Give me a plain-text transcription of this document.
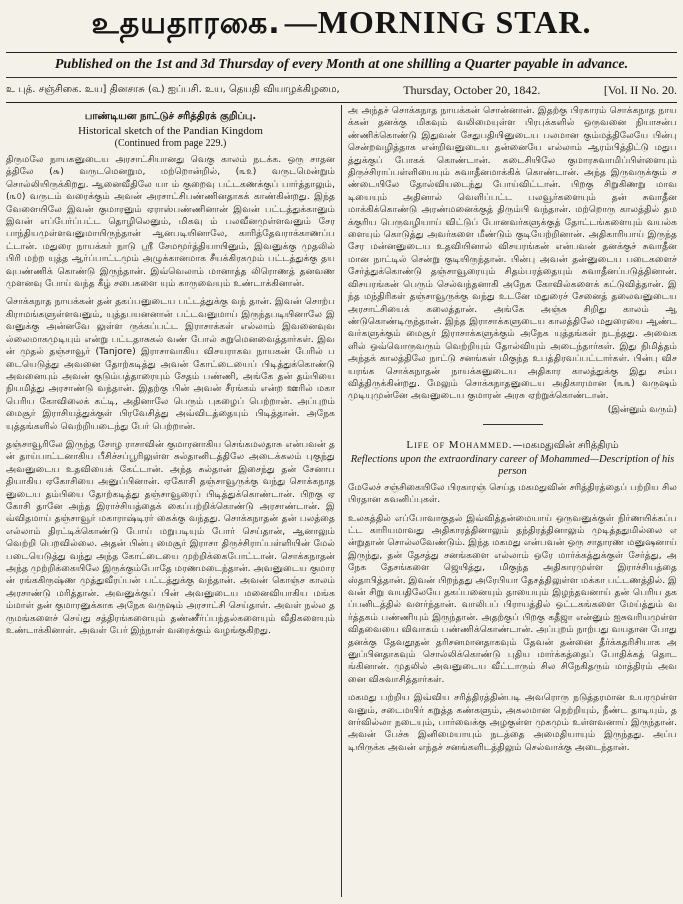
உதயதாரகை. —MORNING STAR.
Published on the 1st and 3d Thursday of every Month at one shilling a Quarter payable in advance.
உ புத். சஞ்சிகை. உய] தினசாசு (௳) ஐப்பசி. உய, தெயதி வியாழக்கிழமை,	Thursday, October 20, 1842.	[Vol. II No. 20.
பாண்டியன நாட்டுச் சரித்திரக் குறிப்பு.
Historical sketch of the Pandian Kingdom
(Continued from page 229.)

திருமலே நாயகனுடைய அரசாட்சியானது வெகு காலம் நடக்க. ஒரு சாதனத்திலே (௬) வருடமெனறும, மற்றொன்றில், (௩௨) வருடமென்றும் சொல்லியிருக்கிறது. ஆனைவீதிலே யா ம் குறைவு பட்டகணக்குப் பார்த்தாலும், (௩௦) வருடம் வரைக்கும் அவன் அரசாட்சிபண்ணினதாகக் காண்கின்றது. இந்த வேளையிலே இவன் குமாரனும் ஏராஸ்பண்ணினான் இவன் பட்டத்துக்கானும் இவன் எப்பேர்ப்பட்ட தொழிலெனும், மிகவு ம் பலவீனமுள்ளவனும் சேரபாந்தியமுள்ளவனுமாயிருந்தான் ஆனபடியினாலே, காரித்தேவராக்காணப்பட்டான். மதுரை நாயக்கர் நாடு ஸ்ரீ சேமமூர்த்தியாயினும், இவனுக்கு முதலில் பிரி மற்ற யுத்த ஆர்ப்பாட்டமும் அழுக்கானமாக சீயக்கிரகமும் பட்டத்துக்கு தயவுபண்ணிக் கொண்டு இருந்தான். இவ்வெலாம் மானாத்த லிரொணத் தனவண முளனவு போய் வந்த கீழ் சபைகளை யும் காருவையும் உண்டாக்கினான்.

சொக்கநாத நாயக்கன் தன் தகப்பனுடைய பட்டத்துக்கு வந் தான். இவன் சொற்ப கிராமங்களுள்ளவனும், யுத்தபயனனான் பட்டவனுமாய் இருந்தபடியினாலே இவனுக்கு அன்னவே லுள்ள ருக்கப்பட்ட இராசாக்கள் எல்லாம் இவனைவுவல்லைமாகமுடியும் என்று பட்டதாசுகல் வண் போல் சுறுமெனவைத்தார்கள். இவன் முதல் தஞ்சாவூர் (Tanjore) இராசாவாகிய விசயராகவ நாயகன் பேரில் படையெடுத்து அவனை தோற்கடித்து அவன் கோட்டையைப் பிடித்துக்கொண்டு அவனையும் அவன் குடும்பத்தாரையும் சேதம் பண்ணி, அங்கே தன் தம்பியை நியமித்து அரசாண்டு வந்தான். இதற்கு பின் அவன் சீரங்கம் என்ற ஊரில் மகா பெரிய கோவிலைக் கட்டி, அதினாலே பெரும் புகழைப் பெற்றான். அப்புறம் மைசூர் இராசியத்துக்குள் பிரவேசித்து அவ்விடத்தையும் பிடித்தான். அநேக யுத்தங்களில் வெற்றியடைந்து பேர் பெற்றான்.

தஞ்சாவூரிலே இருந்த சோழ ராசாவின் குமாரனாகிய செங்கமலதாசு என்பவன் தன் தாய்பாட்டனாகிய பீசிச்சப்பூரிலுள்ள சுல்தானிடத்திலே அடைக்கலம் புகுந்து அவனுடைய உதவியைக் கேட்டான். அந்த சுல்தான் இசைந்து தன் சேனாபதியாகிய ஏகோசியை அனுப்பினான். ஏகோசி தஞ்சாவூருக்கு வந்து சொக்கநாதனுடைய தம்பியை தோற்கடித்து தஞ்சாவூரைப் பிடித்துக்கொண்டான். பிறகு ஏகோசி தானே அந்த இராச்சியத்தைக் கைப்பற்றிக்கொண்டு அரசாண்டான். இவ்விதமாய் தஞ்சாவூர் மகாராஷ்டிரர் கைக்கு வந்தது. சொக்கநாதன் தன் பலத்தை எல்லாம் திரட்டிக்கொண்டு போய் மறுபடியும் போர் செய்தான், ஆனாலும் வெற்றி பெறவில்லை. அதன் பின்பு மைசூர் இராசா திருச்சிராப்பள்ளியின் மேல் படையெடுத்து வந்து அந்த கோட்டையை முற்றிக்கைபோட்டான். சொக்கநாதன் அந்த முற்றிக்கையிலே இருக்கும்போதே மரணமடைந்தான். அவனுடைய குமாரன் ரங்ககிருஷ்ண முத்துவீரப்பன் பட்டத்துக்கு வந்தான். அவன் கொஞ்ச காலம் அரசாண்டு மரித்தான். அவனுக்குப் பின் அவனுடைய மனைவியாகிய மங்கம்மாள் தன் குமாரனுக்காக அநேக வருஷம் அரசாட்சி செய்தாள். அவள் நல்ல தருமங்களைச் செய்து சத்திரங்களையும் தண்ணீர்ப்பந்தல்களையும் வீதிகளையும் உண்டாக்கினாள். அவள் பேர் இந்நாள் வரைக்கும் வழங்குகிறது.

அ அந்தச் சொக்கநாத நாயக்கன் சொன்னான். இதற்கு பிரகாரம் சொக்கநாத நாயக்கன் தனக்கு மிகவும் வலிமையுள்ள பிரபுக்களில் ஒருவனை நியாசன்பண்ணிக்கொண்டு இதுவன் சேதுபதியினுடைய பலமான கும்மத்திலேயே பின்பு சென்றவழித்தாக என்றிவனுடைய தன்னையே எல்லாம் ஆரம்பித்திட்டு மதுபத்துக்குப் போகக் கொண்டான். கடைசியிலே குமாரசுவாமிப்பிள்ளையும் திருச்சிராப்பள்ளியையும் சுவாதீனமாக்கிக் கொண்டான். அந்த இருவருக்கும் சண்டையிலே தோல்வியடைந்து போய்விட்டான். பிறகு சிறுகிணறு மாவடியையும் அதினால் வெளிப்பட்ட பலவூர்களையும் தன் சுவாதீனமாக்கிக்கொண்டு அரண்மனைக்குத் திரும்பி வந்தான். மற்றொரு காலத்தில் தமக்குரிய பெருவழியாய் விட்டுப் போனவர்களுக்குத் தோட்டங்களையும் வயல்களையும் கொடுத்து அவர்களை மீண்டும் குடியேற்றினான். அதிகாரியாய் இருந்த சேர மன்னனுடைய உதவியினால் விசயரங்கன் என்பவன் தனக்குச் சுவாதீனமான நாட்டில் சென்று குடியிருந்தான். பின்பு அவன் தன்னுடைய படைகளைச் சேர்த்துக்கொண்டு தஞ்சாவூரையும் சிதம்பரத்தையும் சுவாதீனப்படுத்தினான். விசயரங்கன் பெரும் செல்வந்தனாகி அநேக கோவில்களைக் கட்டுவித்தான். இந்த மந்திரிகள் தஞ்சாவூருக்கு வந்து உடனே மதுரைச் சேனைத் தலைவனுடைய அரசாட்சியைக் கலைத்தான். அங்கே அஞ்சு சிறிது காலம் ஆண்டுகொண்டிருந்தான். இந்த இராசாக்களுடைய காலத்திலே மதுரையை ஆண்டவர்களுக்கும் மைசூர் இராசாக்களுக்கும் அநேக யுத்தங்கள் நடந்தது. அவைகளில் ஒவ்வொருவரும் வெற்றியும் தோல்வியும் அடைந்தார்கள். இது நிமித்தம் அந்தக் காலத்திலே நாட்டு சனங்கள் மிகுந்த உபத்திரவப்பட்டார்கள். பின்பு விசயரங்க சொக்கநாதன் நாயக்கனுடைய அதிகார காலத்துக்கு இது சம்பவித்திருக்கின்றது. மேலும் சொக்கநாதனுடைய அதிகாரமான (௩௩) வருஷம் முடியுமுன்னே அவனுடைய குமாரன் அரசு ஏற்றுக்கொண்டான்.

(இன்னும் வரும்)
Life of Mohammed.—மகமதுவின் சரித்திரம்
Reflections upon the extraordinary career of Mohammed—Description of his person

மேலேச் சஞ்சிகையிலே பிரகாரஞ் செய்த மகமதுவின் சரித்திரத்தைப் பற்றிய சில பிரதான கவனிப்புகள்.

உலகத்தில் எப்போவாகுதல் இவ்வித்தன்மையாய் ஒருவனுக்குள் நிர்ணயிக்கப்பட்ட காரியமாவது அதிகாரத்தினாலும் தந்திரத்தினாலும் முடித்ததுமில்லை என்றுதான் சொல்லவேண்டும். இந்த மகமது என்பவன் ஒரு சாதாரண மனுஷனாய் இருந்து, தன் தேசத்து சனங்களை எல்லாம் ஒரே மார்க்கத்துக்குள் சேர்த்து, அநேக தேசங்களை ஜெயித்து, மிகுந்த அதிகாரமுள்ள இராச்சியத்தை ஸ்தாபித்தான். இவன் பிறந்தது அரேபியா தேசத்திலுள்ள மக்கா பட்டணத்தில். இவன் சிறு வயதிலேயே தகப்பனையும் தாயையும் இழந்தவனாய் தன் பெரிய தகப்பனிடத்தில் வளர்ந்தான். வாலிபப் பிராயத்தில் ஒட்டகங்களை மேய்த்தும் வர்த்தகம் பண்ணியும் இருந்தான். அதற்குப் பிறகு கதீஜா என்னும் ஐசுவரியமுள்ள விதவையை விவாகம் பண்ணிக்கொண்டான். அப்புறம் நாற்பது வயதான போது தனக்கு தேவதூதன் தரிசனமானதாகவும் தேவன் தன்னை தீர்க்கதரிசியாக அனுப்பினதாகவும் சொல்லிக்கொண்டு புதிய மார்க்கத்தைப் போதிக்கத் தொடங்கினான். முதலில் அவனுடைய வீட்டாரும் சில சிநேகிதரும் மாத்திரம் அவனை விசுவாசித்தார்கள்.

மகமது பற்றிய இவ்விய சரித்திரத்தின்படி அவரொரு நடுத்தரமான உயரமுள்ளவனும், சடைமயிர் கறுத்த கண்களும், அகலமான நெற்றியும், நீண்ட தாடியும், தளர்வில்லா நடையும், பார்வைக்கு அழகுள்ள முகமும் உள்ளவனாய் இருந்தான். அவன் பேச்சு இனிமையாயும் நடத்தை அமைதியாயும் இருந்தது. அப்படியிருக்க அவன் எந்தச் சனங்களிடத்திலும் செல்வாக்கு அடைந்தான்.
